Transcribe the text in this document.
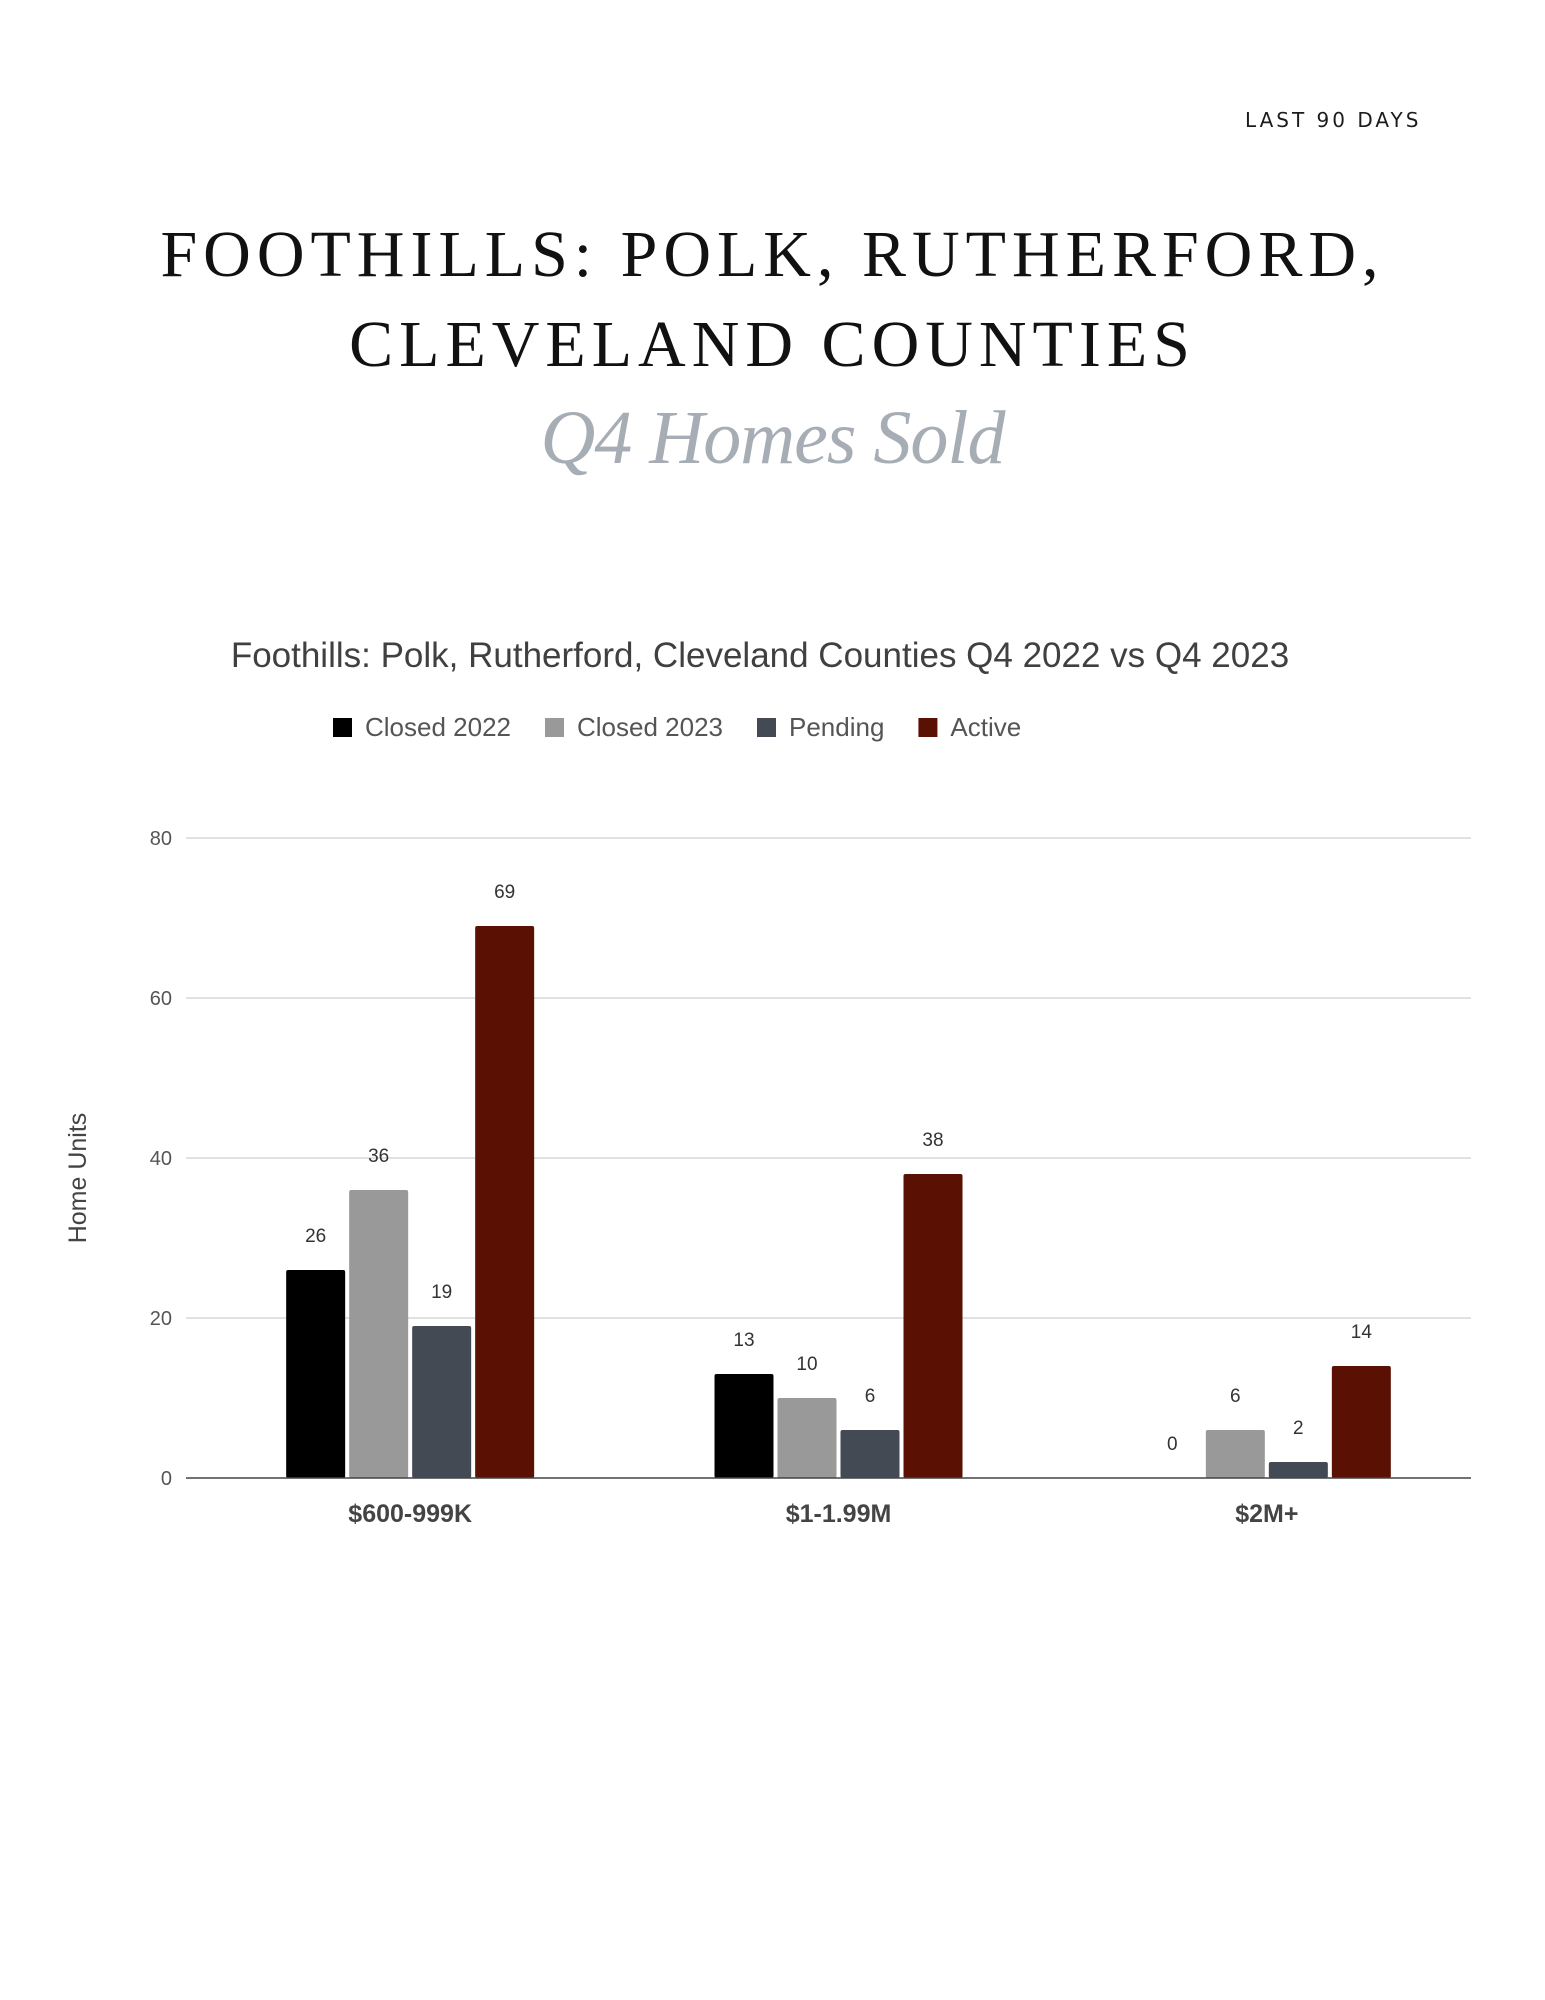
LAST 90 DAYS
FOOTHILLS: POLK, RUTHERFORD,
CLEVELAND COUNTIES
Q4 Homes Sold
Foothills: Polk, Rutherford, Cleveland Counties Q4 2022 vs Q4 2023
Closed 2022	Closed 2023	Pending	Active
0
20
40
60
80
Home Units	26
36
19
69
13
10
6
38
0
6
2
14
$600-999K	$1-1.99M	$2M+
